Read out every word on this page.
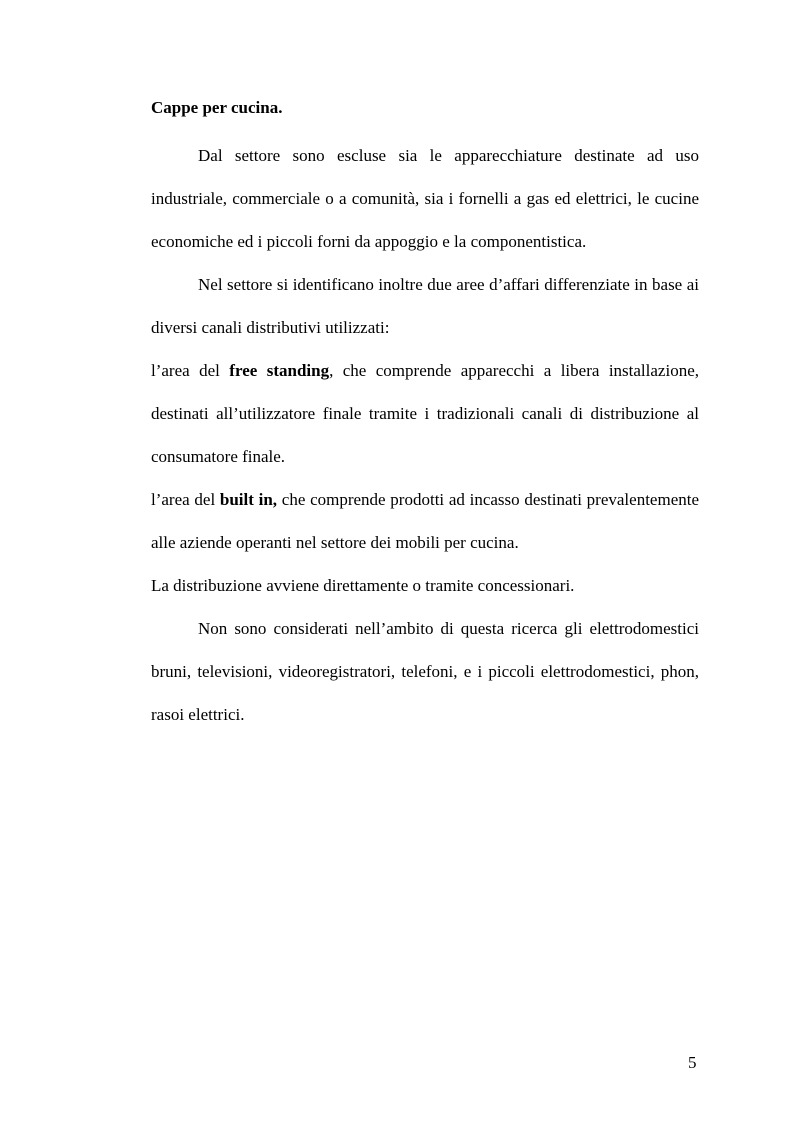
Cappe per cucina.

Dal settore sono escluse sia le apparecchiature destinate ad uso industriale, commerciale o a comunità, sia i fornelli a gas ed elettrici, le cucine economiche ed i piccoli forni da appoggio e la componentistica.

Nel settore si identificano inoltre due aree d’affari differenziate in base ai diversi canali distributivi utilizzati:

l’area del free standing, che comprende apparecchi a libera installazione, destinati all’utilizzatore finale tramite i tradizionali canali di distribuzione al consumatore finale.

l’area del built in, che comprende prodotti ad incasso destinati prevalentemente alle aziende operanti nel settore dei mobili per cucina.

La distribuzione avviene direttamente o tramite concessionari.

Non sono considerati nell’ambito di questa ricerca gli elettrodomestici bruni, televisioni, videoregistratori, telefoni, e i piccoli elettrodomestici, phon, rasoi elettrici.

5
